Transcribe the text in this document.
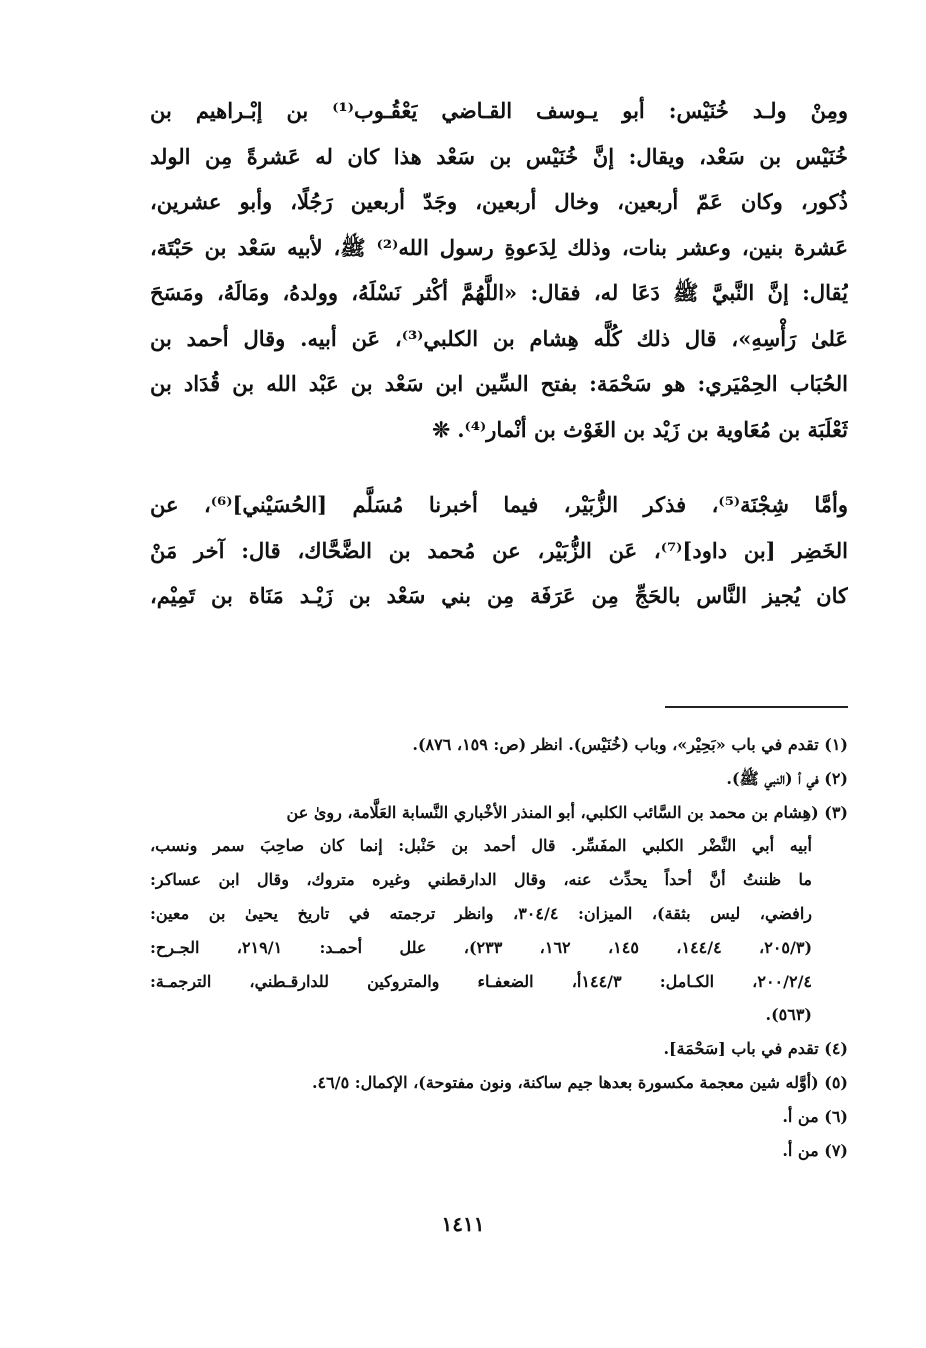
ومِنْ ولـد خُنَيْس: أبو يـوسف القـاضي يَعْقُـوب⁽¹⁾ بن إبْـراهيم بن
خُنَيْس بن سَعْد، ويقال: إنَّ خُنَيْس بن سَعْد هذا كان له عَشرةً مِن الولد
ذُكور، وكان عَمّ أربعين، وخال أربعين، وجَدّ أربعين رَجُلًا، وأبو عشرين،
عَشرة بنين، وعشر بنات، وذلك لِدَعوةِ رسول الله⁽²⁾ ﷺ، لأبيه سَعْد بن حَبْتَة،
يُقال: إنَّ النَّبيَّ ﷺ دَعَا له، فقال: «اللَّهُمَّ أكْثر نَسْلَهُ، وولدهُ، ومَالَهُ، ومَسَحَ
عَلىٰ رَأْسِهِ»، قال ذلك كُلَّه هِشام بن الكلبي⁽³⁾، عَن أبيه. وقال أحمد بن
الحُبَاب الحِمْيَري: هو سَحْمَة: بفتح السِّين ابن سَعْد بن عَبْد الله بن قُدَاد بن
ثَعْلَبَة بن مُعَاوية بن زَيْد بن الغَوْث بن أنْمار⁽⁴⁾. ❊
وأمَّا شِجْنَة⁽⁵⁾، فذكر الزُّبَيْر، فيما أخبرنا مُسَلَّم [الحُسَيْني]⁽⁶⁾، عن
الخَضِر [بن داود]⁽⁷⁾، عَن الزُّبَيْر، عن مُحمد بن الضَّحَّاك، قال: آخر مَنْ
كان يُجيز النَّاس بالحَجِّ مِن عَرَفَة مِن بني سَعْد بن زَيْـد مَنَاة بن تَمِيْم،
(١) تقدم في باب «بَحِيْر»، وباب (خُنَيْس). انظر (ص: ١٥٩، ٨٧٦).
(٢) في أ (النبي ﷺ).
(٣) (هِشام بن محمد بن السَّائب الكلبي، أبو المنذر الأخْباري النَّسابة العَلَّامة، روىٰ عن
أبيه أبي النَّضْر الكلبي المفَسِّر. قال أحمد بن حَنْبل: إنما كان صاحِبَ سمر ونسب،
ما ظننتُ أنَّ أحداً يحدِّث عنه، وقال الدارقطني وغيره متروك، وقال ابن عساكر:
رافضي، ليس بثقة)، الميزان: ٣٠٤/٤، وانظر ترجمته في تاريخ يحيىٰ بن معين:
(٢٠٥/٣، ١٤٤/٤، ١٤٥، ١٦٢، ٢٣٣)، علل أحمـد: ٢١٩/١، الجـرح:
٢٠٠/٢/٤، الكـامل: ١٤٤/٣أ، الضعفـاء والمتروكين للدارقـطني، الترجمـة:
(٥٦٣).
(٤) تقدم في باب [سَحْمَة].
(٥) (أوَّله شين معجمة مكسورة بعدها جيم ساكنة، ونون مفتوحة)، الإكمال: ٤٦/٥.
(٦) من أ.
(٧) من أ.
١٤١١
